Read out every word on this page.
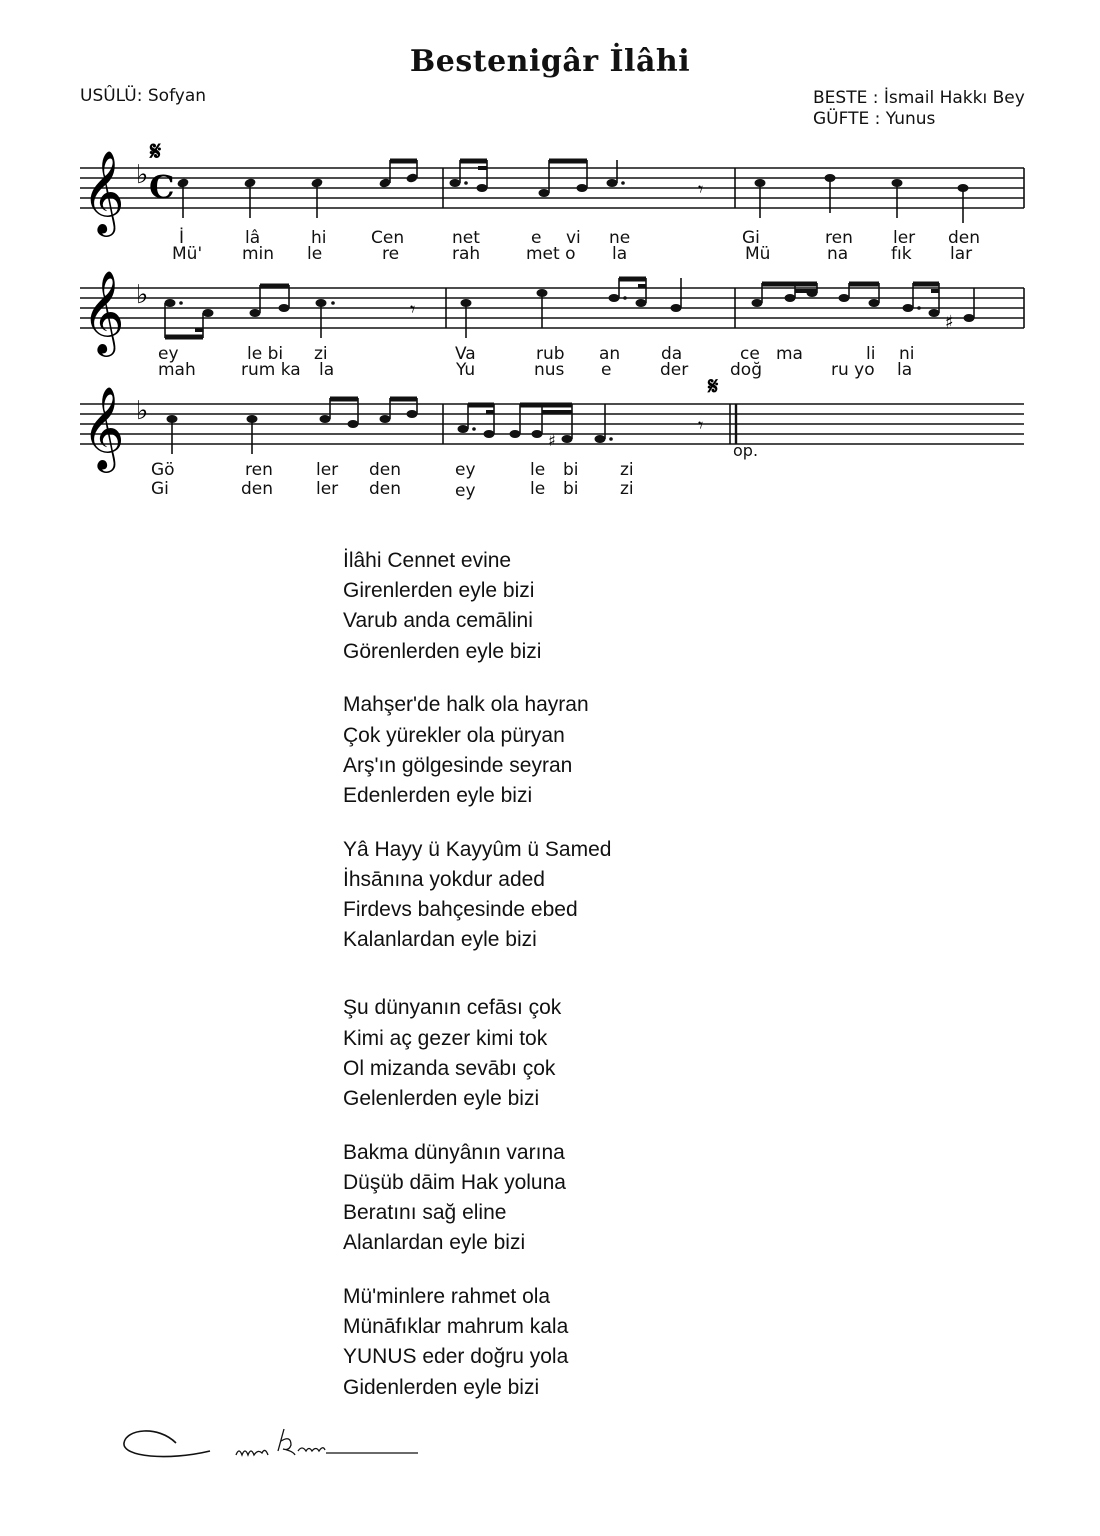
Bestenigâr İlâhi
USÛLÜ: Sofyan	BESTE : İsmail Hakkı Bey
GÜFTE : Yunus
𝄞 ♭ C
𝄋
𝄾
𝄞 ♭	𝄾
♯
𝄞 ♭
♯
𝄾
𝄋
İ	lâ	hi	Cen	net	e vi ne	Gi	ren ler den
Mü' min le	re	rah	met o la	Mü	na	fık lar
ey	le bi zi	Va	rub an da	ce ma	li ni
mah	rum ka la	Yu	nus e	der doğ	ru yo la
Gö	ren	ler den	ey	le bi zi
Gi	den	ler den	ey	le bi zi
op.
İlâhi Cennet evine
Girenlerden eyle bizi
Varub anda cemālini
Görenlerden eyle bizi
Mahşer'de halk ola hayran
Çok yürekler ola püryan
Arş'ın gölgesinde seyran
Edenlerden eyle bizi
Yâ Hayy ü Kayyûm ü Samed
İhsānına yokdur aded
Firdevs bahçesinde ebed
Kalanlardan eyle bizi
Şu dünyanın cefāsı çok
Kimi aç gezer kimi tok
Ol mizanda sevābı çok
Gelenlerden eyle bizi
Bakma dünyânın varına
Düşüb dāim Hak yoluna
Beratını sağ eline
Alanlardan eyle bizi
Mü'minlere rahmet ola
Münāfıklar mahrum kala
YUNUS eder doğru yola
Gidenlerden eyle bizi
